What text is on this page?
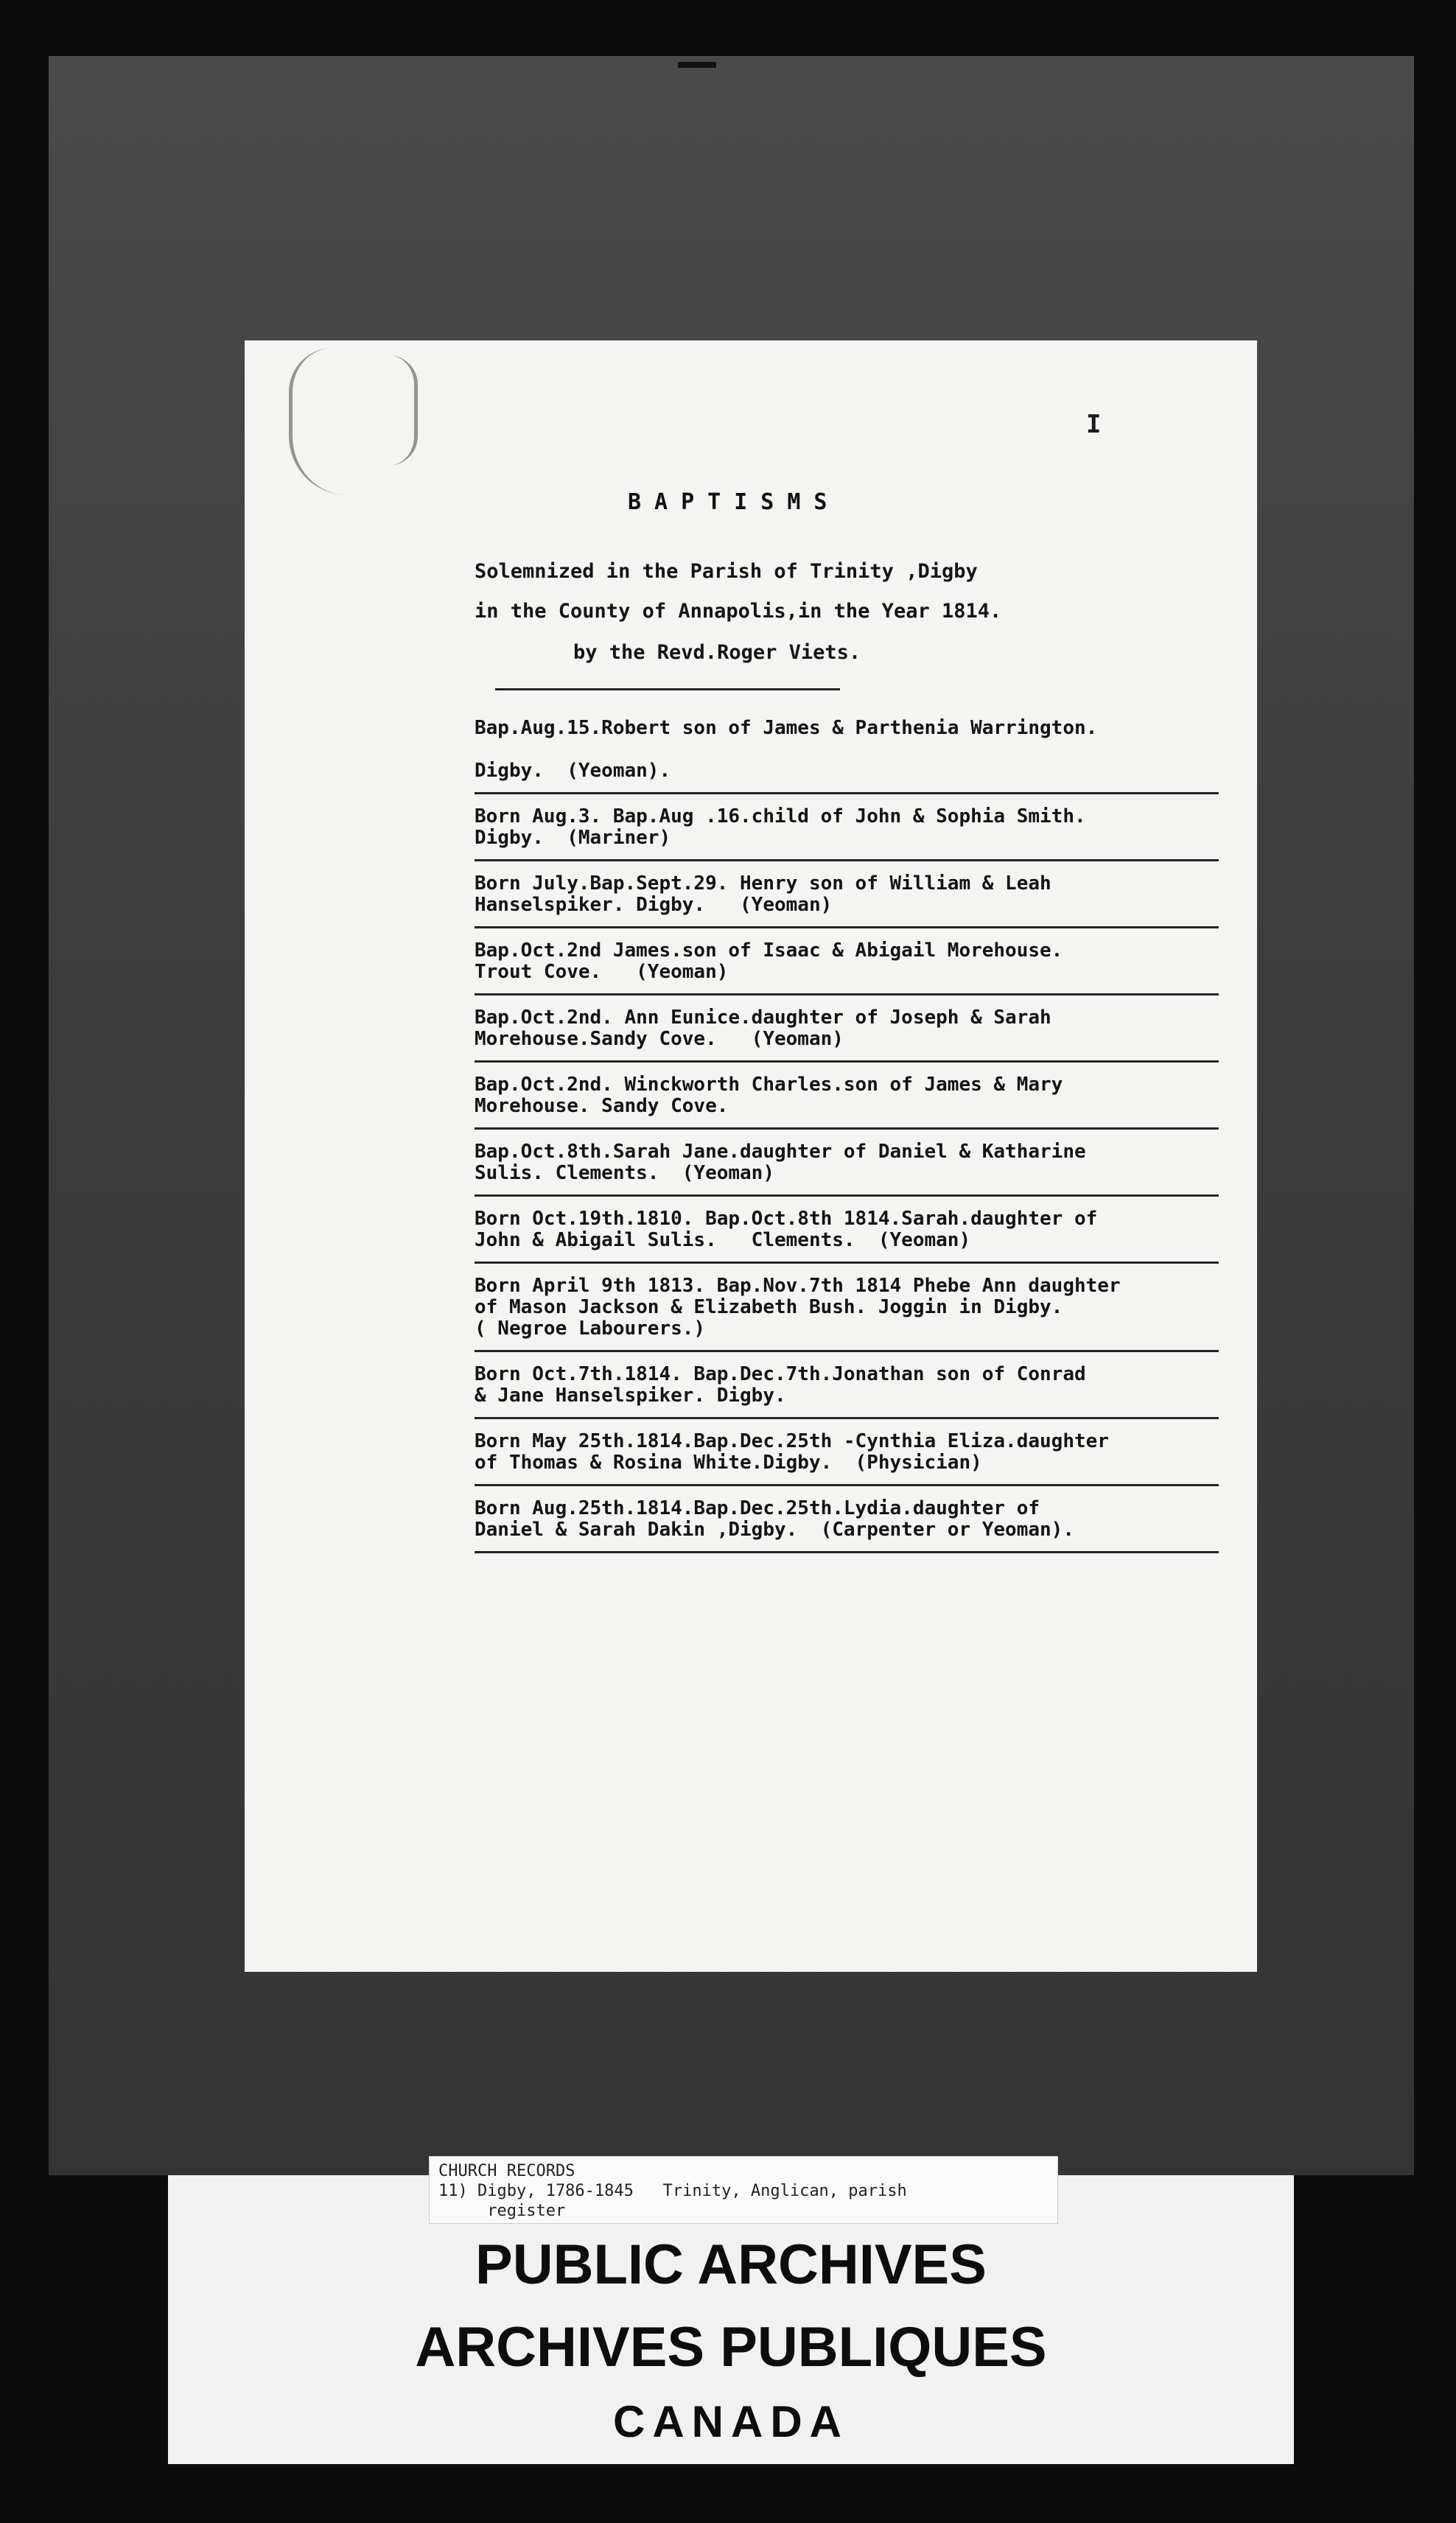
I
BAPTISMS
Solemnized in the Parish of Trinity ,Digby
in the County of Annapolis,in the Year 1814.
by the Revd.Roger Viets.
Bap.Aug.15.Robert son of James & Parthenia Warrington.

Digby.  (Yeoman).
Born Aug.3. Bap.Aug .16.child of John & Sophia Smith.
Digby.  (Mariner)
Born July.Bap.Sept.29. Henry son of William & Leah
Hanselspiker. Digby.   (Yeoman)
Bap.Oct.2nd James.son of Isaac & Abigail Morehouse.
Trout Cove.   (Yeoman)
Bap.Oct.2nd. Ann Eunice.daughter of Joseph & Sarah
Morehouse.Sandy Cove.   (Yeoman)
Bap.Oct.2nd. Winckworth Charles.son of James & Mary
Morehouse. Sandy Cove.
Bap.Oct.8th.Sarah Jane.daughter of Daniel & Katharine
Sulis. Clements.  (Yeoman)
Born Oct.19th.1810. Bap.Oct.8th 1814.Sarah.daughter of
John & Abigail Sulis.   Clements.  (Yeoman)
Born April 9th 1813. Bap.Nov.7th 1814 Phebe Ann daughter
of Mason Jackson & Elizabeth Bush. Joggin in Digby.
( Negroe Labourers.)
Born Oct.7th.1814. Bap.Dec.7th.Jonathan son of Conrad
& Jane Hanselspiker. Digby.
Born May 25th.1814.Bap.Dec.25th -Cynthia Eliza.daughter
of Thomas & Rosina White.Digby.  (Physician)
Born Aug.25th.1814.Bap.Dec.25th.Lydia.daughter of
Daniel & Sarah Dakin ,Digby.  (Carpenter or Yeoman).
CHURCH RECORDS
11) Digby, 1786-1845   Trinity, Anglican, parish
register
PUBLIC ARCHIVES
ARCHIVES PUBLIQUES
CANADA
